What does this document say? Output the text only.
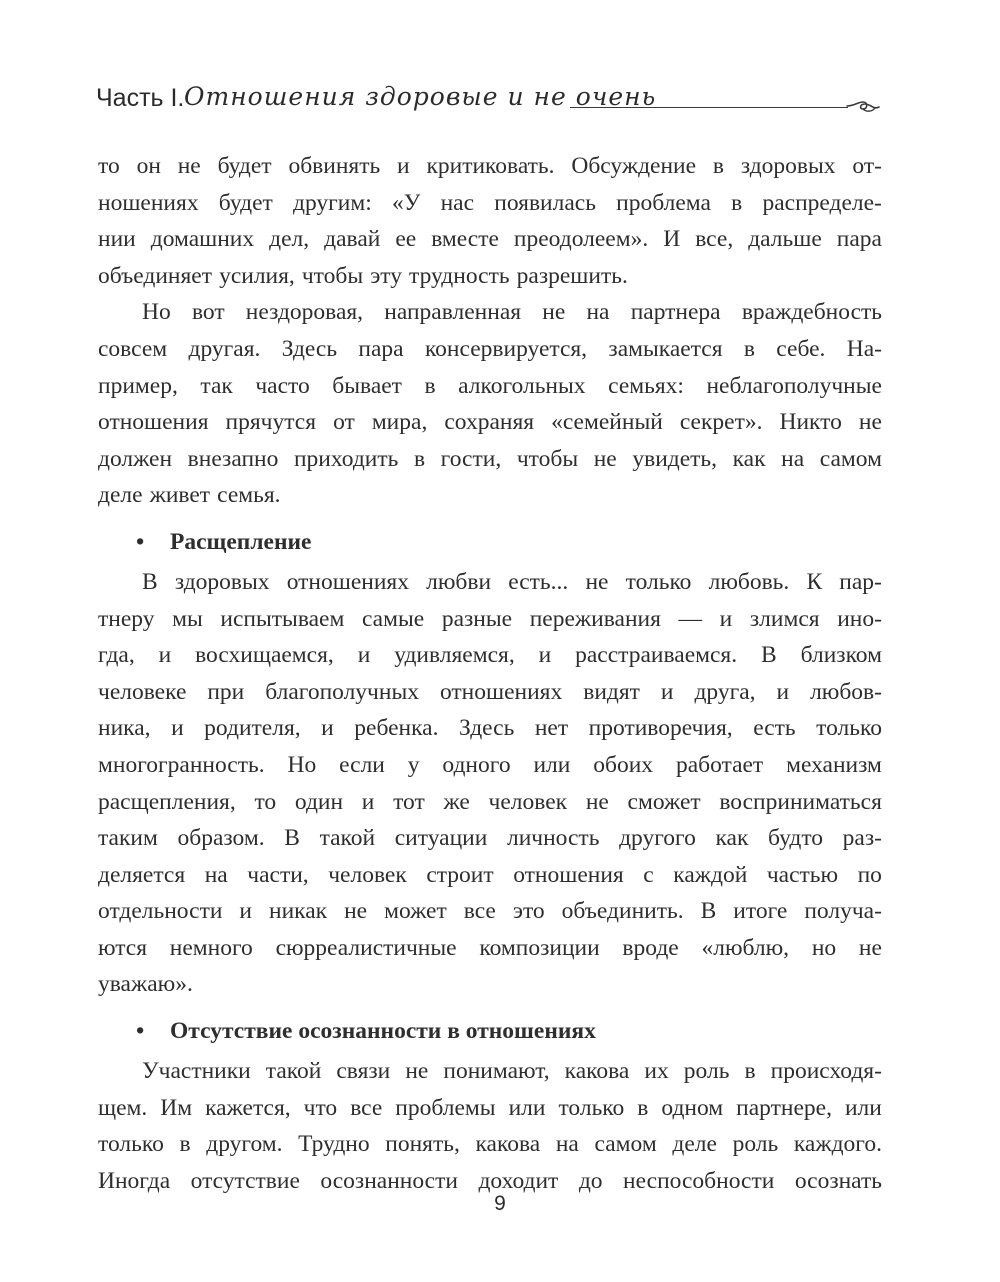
Часть I. Отношения здоровые и не очень
то он не будет обвинять и критиковать. Обсуждение в здоровых от-
ношениях будет другим: «У нас появилась проблема в распределе-
нии домашних дел, давай ее вместе преодолеем». И все, дальше пара
объединяет усилия, чтобы эту трудность разрешить.
Но вот нездоровая, направленная не на партнера враждебность
совсем другая. Здесь пара консервируется, замыкается в себе. На-
пример, так часто бывает в алкогольных семьях: неблагополучные
отношения прячутся от мира, сохраняя «семейный секрет». Никто не
должен внезапно приходить в гости, чтобы не увидеть, как на самом
деле живет семья.
• Расщепление
В здоровых отношениях любви есть... не только любовь. К пар-
тнеру мы испытываем самые разные переживания — и злимся ино-
гда, и восхищаемся, и удивляемся, и расстраиваемся. В близком
человеке при благополучных отношениях видят и друга, и любов-
ника, и родителя, и ребенка. Здесь нет противоречия, есть только
многогранность. Но если у одного или обоих работает механизм
расщепления, то один и тот же человек не сможет восприниматься
таким образом. В такой ситуации личность другого как будто раз-
деляется на части, человек строит отношения с каждой частью по
отдельности и никак не может все это объединить. В итоге получа-
ются немного сюрреалистичные композиции вроде «люблю, но не
уважаю».
• Отсутствие осознанности в отношениях
Участники такой связи не понимают, какова их роль в происходя-
щем. Им кажется, что все проблемы или только в одном партнере, или
только в другом. Трудно понять, какова на самом деле роль каждого.
Иногда отсутствие осознанности доходит до неспособности осознать
9
